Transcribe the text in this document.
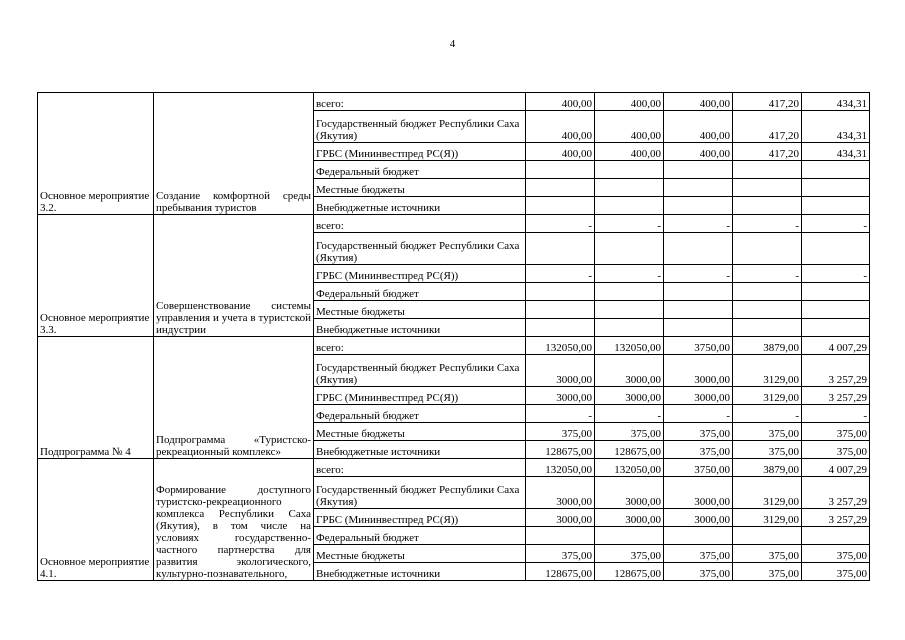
4
Основное мероприятие 3.2.	Создание комфортной среды пребывания туристов	всего:	400,00	400,00	400,00	417,20	434,31
		Государственный бюджет Республики Саха (Якутия)	400,00	400,00	400,00	417,20	434,31
		ГРБС (Мининвестпред РС(Я))	400,00	400,00	400,00	417,20	434,31
		Федеральный бюджет					
		Местные бюджеты					
		Внебюджетные источники					
Основное мероприятие 3.3.	Совершенствование системы управления и учета в туристской индустрии	всего:	-	-	-	-	-
		Государственный бюджет Республики Саха (Якутия)					
		ГРБС (Мининвестпред РС(Я))	-	-	-	-	-
		Федеральный бюджет					
		Местные бюджеты					
		Внебюджетные источники					
Подпрограмма № 4	Подпрограмма «Туристско-рекреационный комплекс»	всего:	132050,00	132050,00	3750,00	3879,00	4 007,29
		Государственный бюджет Республики Саха (Якутия)	3000,00	3000,00	3000,00	3129,00	3 257,29
		ГРБС (Мининвестпред РС(Я))	3000,00	3000,00	3000,00	3129,00	3 257,29
		Федеральный бюджет	-	-	-	-	-
		Местные бюджеты	375,00	375,00	375,00	375,00	375,00
		Внебюджетные источники	128675,00	128675,00	375,00	375,00	375,00
Основное мероприятие 4.1.	Формирование доступного туристско-рекреационного комплекса Республики Саха (Якутия), в том числе на условиях государственно-частного партнерства для развития экологического, культурно-познавательного,	всего:	132050,00	132050,00	3750,00	3879,00	4 007,29
		Государственный бюджет Республики Саха (Якутия)	3000,00	3000,00	3000,00	3129,00	3 257,29
		ГРБС (Мининвестпред РС(Я))	3000,00	3000,00	3000,00	3129,00	3 257,29
		Федеральный бюджет					
		Местные бюджеты	375,00	375,00	375,00	375,00	375,00
		Внебюджетные источники	128675,00	128675,00	375,00	375,00	375,00
